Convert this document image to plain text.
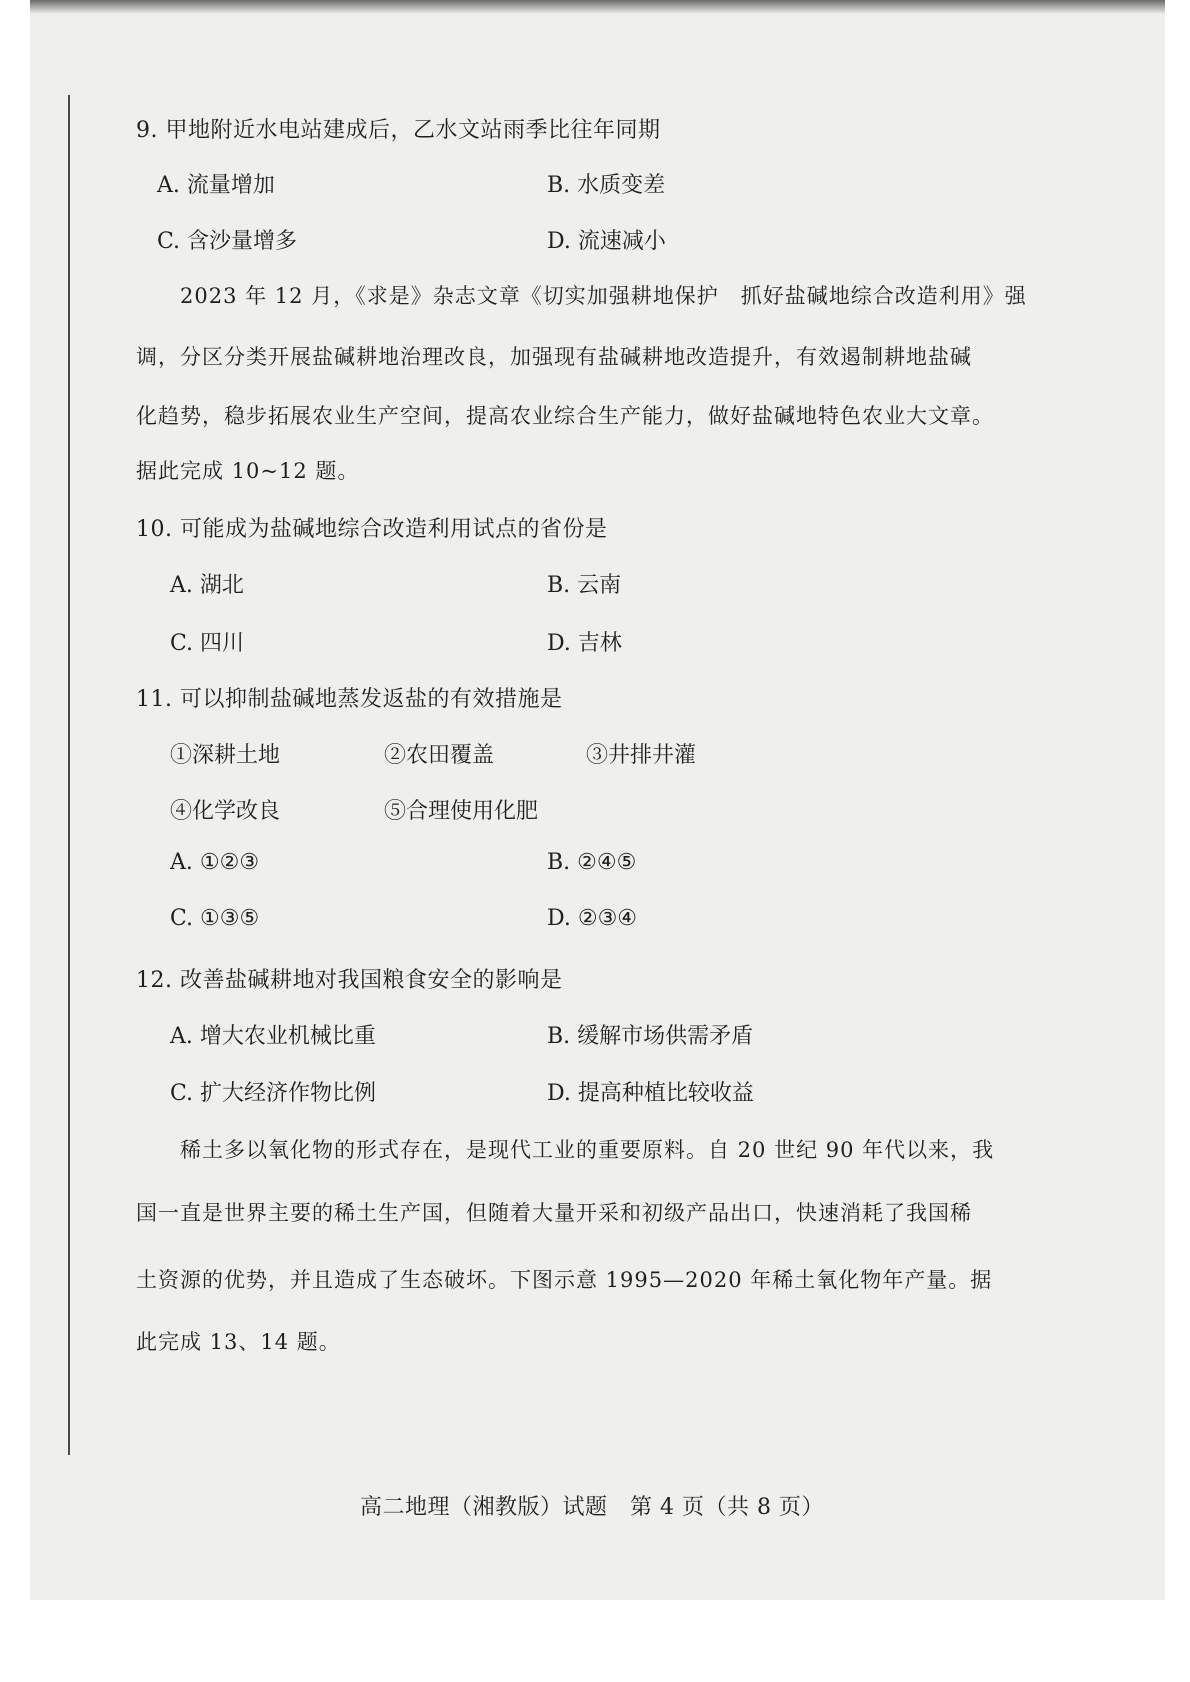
9. 甲地附近水电站建成后，乙水文站雨季比往年同期
A. 流量增加	B. 水质变差
C. 含沙量增多	D. 流速减小
2023 年 12 月，《求是》杂志文章《切实加强耕地保护　抓好盐碱地综合改造利用》强
调，分区分类开展盐碱耕地治理改良，加强现有盐碱耕地改造提升，有效遏制耕地盐碱
化趋势，稳步拓展农业生产空间，提高农业综合生产能力，做好盐碱地特色农业大文章。
据此完成 10~12 题。
10. 可能成为盐碱地综合改造利用试点的省份是
A. 湖北	B. 云南
C. 四川	D. 吉林
11. 可以抑制盐碱地蒸发返盐的有效措施是
①深耕土地	②农田覆盖	③井排井灌
④化学改良	⑤合理使用化肥
A. ①②③	B. ②④⑤
C. ①③⑤	D. ②③④
12. 改善盐碱耕地对我国粮食安全的影响是
A. 增大农业机械比重	B. 缓解市场供需矛盾
C. 扩大经济作物比例	D. 提高种植比较收益
稀土多以氧化物的形式存在，是现代工业的重要原料。自 20 世纪 90 年代以来，我
国一直是世界主要的稀土生产国，但随着大量开采和初级产品出口，快速消耗了我国稀
土资源的优势，并且造成了生态破坏。下图示意 1995—2020 年稀土氧化物年产量。据
此完成 13、14 题。
高二地理（湘教版）试题　第 4 页（共 8 页）
